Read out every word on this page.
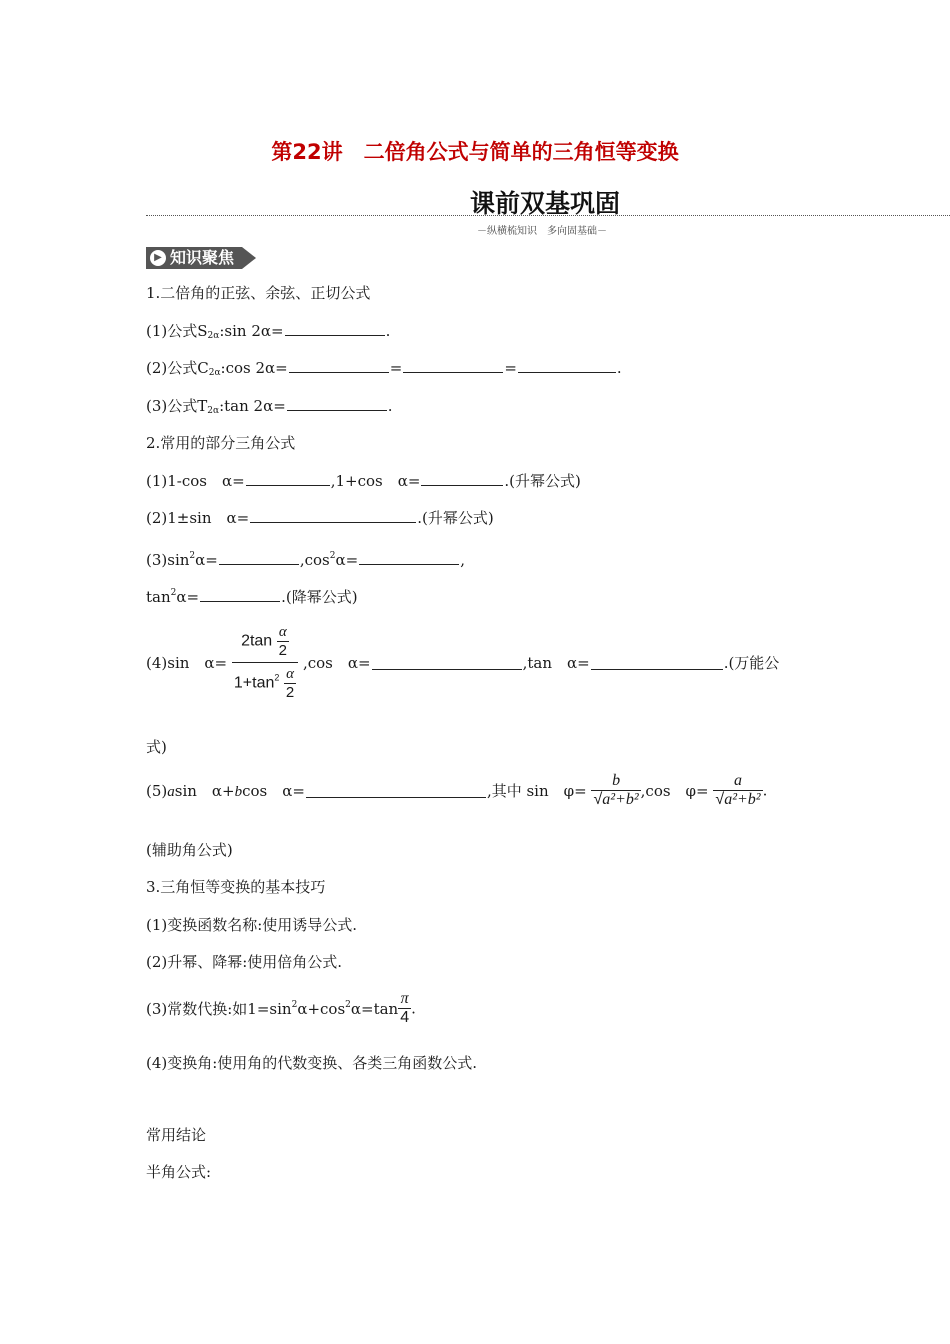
第22讲　二倍角公式与简单的三角恒等变换
课前双基巩固
－纵横梳知识　多向固基础－
▶ 知识聚焦
1.二倍角的正弦、余弦、正切公式
(1)公式$S_{2\alpha}:\sin$ 2α=	.
(2)公式$C_{2\alpha}:\cos$ 2α=	=	=	.
(3)公式$T_{2\alpha}:\tan$ 2α=	.
2.常用的部分三角公式
(1)1-cos　α=	,1+cos　α=	.(升幂公式)
(2)1±sin　α=	.(升幂公式)
$(3)\sin^2\alpha=$	$,\cos^2\alpha=$	,
$\tan^2\alpha=$	.(降幂公式)
(4)sin　$\alpha= \frac{2\tan \frac{\alpha}{2}}{1+\tan^2 \frac{\alpha}{2}} ,\cos$　α=	,tan　α=	.(万能公
式)
(5)asin　α+bcos　α=	,其中 sin　$\varphi= \frac{b}{\text{√a²+b²}} ,\cos$　$\varphi= \frac{a}{\text{√a²+b²}}$ .
(辅助角公式)
3.三角恒等变换的基本技巧
(1)变换函数名称:使用诱导公式.
(2)升幂、降幂:使用倍角公式.
(3)常数代换:如$1=\sin^2\alpha+\cos^2\alpha=\tan \frac{\pi}{4}$ .
(4)变换角:使用角的代数变换、各类三角函数公式.
常用结论
半角公式:
